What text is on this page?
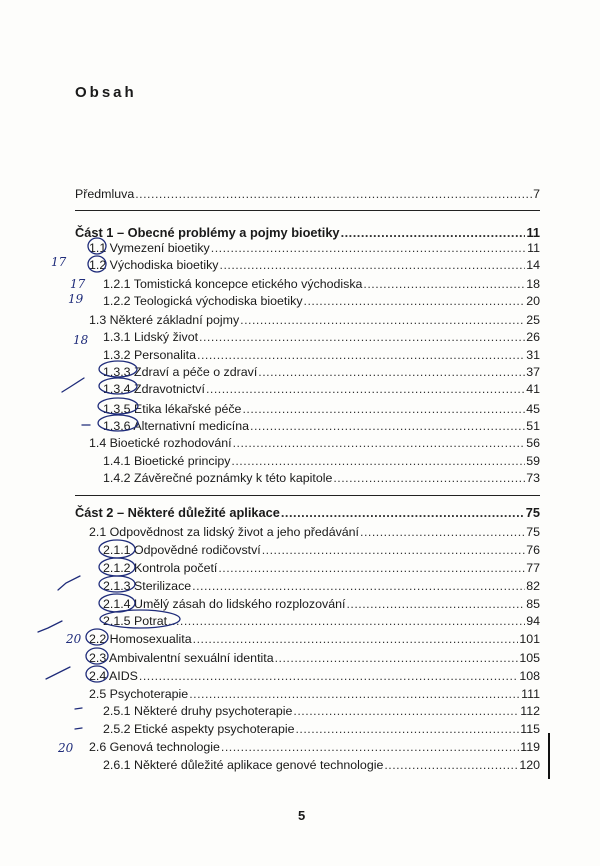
Obsah
Předmluva .....	7
Část 1 – Obecné problémy a pojmy bioetiky .....	11
1.1 Vymezení bioetiky .....	11
1.2 Východiska bioetiky .....	14
1.2.1 Tomistická koncepce etického východiska .....	18
1.2.2 Teologická východiska bioetiky .....	20
1.3 Některé základní pojmy .....	25
1.3.1 Lidský život .....	26
1.3.2 Personalita .....	31
1.3.3 Zdraví a péče o zdraví .....	37
1.3.4 Zdravotnictví .....	41
1.3.5 Etika lékařské péče .....	45
1.3.6 Alternativní medicína .....	51
1.4 Bioetické rozhodování .....	56
1.4.1 Bioetické principy .....	59
1.4.2 Závěrečné poznámky k této kapitole .....	73
Část 2 – Některé důležité aplikace .....	75
2.1 Odpovědnost za lidský život a jeho předávání .....	75
2.1.1 Odpovědné rodičovství .....	76
2.1.2 Kontrola početí .....	77
2.1.3 Sterilizace .....	82
2.1.4 Umělý zásah do lidského rozplozování .....	85
2.1.5 Potrat .....	94
2.2 Homosexualita .....	101
2.3 Ambivalentní sexuální identita .....	105
2.4 AIDS .....	108
2.5 Psychoterapie .....	111
2.5.1 Některé druhy psychoterapie .....	112
2.5.2 Etické aspekty psychoterapie .....	115
2.6 Genová technologie .....	119
2.6.1 Některé důležité aplikace genové technologie .....	120
5
17
17
19
18
20
20
